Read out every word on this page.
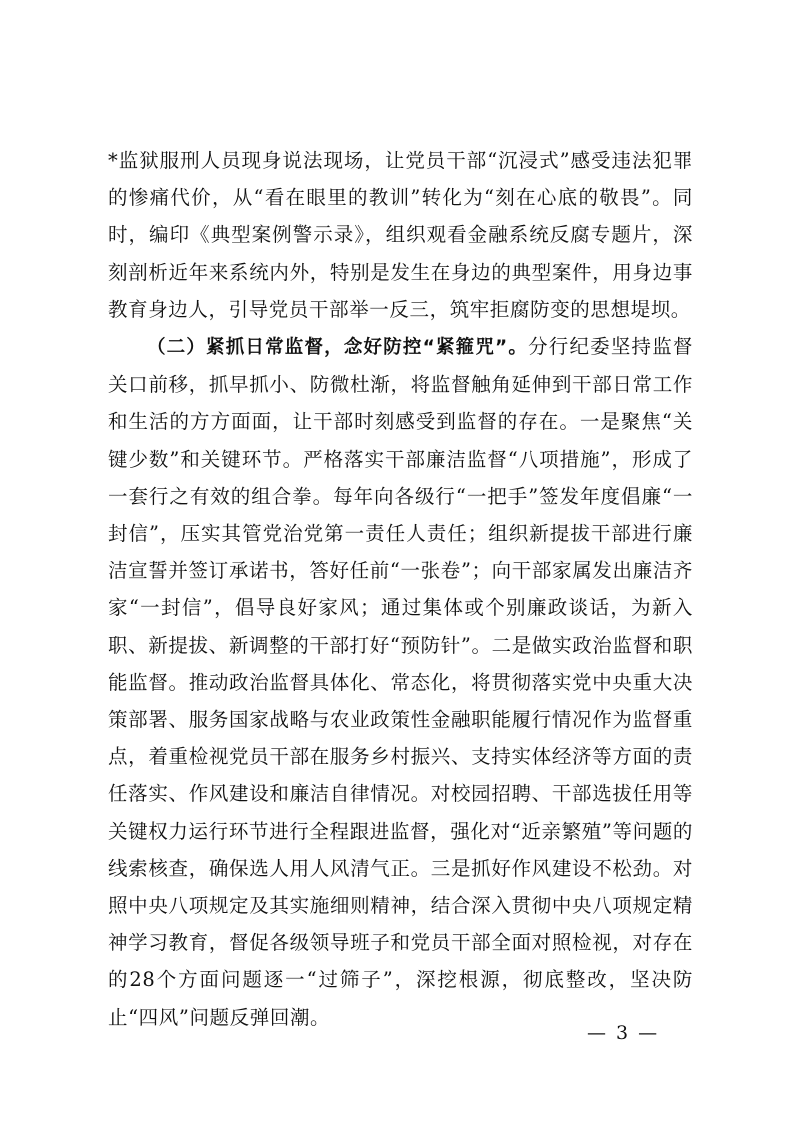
*监狱服刑人员现身说法现场，让党员干部“沉浸式”感受违法犯罪的惨痛代价，从“看在眼里的教训”转化为“刻在心底的敬畏”。同时，编印《典型案例警示录》，组织观看金融系统反腐专题片，深刻剖析近年来系统内外，特别是发生在身边的典型案件，用身边事教育身边人，引导党员干部举一反三，筑牢拒腐防变的思想堤坝。

（二）紧抓日常监督，念好防控“紧箍咒”。分行纪委坚持监督关口前移，抓早抓小、防微杜渐，将监督触角延伸到干部日常工作和生活的方方面面，让干部时刻感受到监督的存在。一是聚焦“关键少数”和关键环节。严格落实干部廉洁监督“八项措施”，形成了一套行之有效的组合拳。每年向各级行“一把手”签发年度倡廉“一封信”，压实其管党治党第一责任人责任；组织新提拔干部进行廉洁宣誓并签订承诺书，答好任前“一张卷”；向干部家属发出廉洁齐家“一封信”，倡导良好家风；通过集体或个别廉政谈话，为新入职、新提拔、新调整的干部打好“预防针”。二是做实政治监督和职能监督。推动政治监督具体化、常态化，将贯彻落实党中央重大决策部署、服务国家战略与农业政策性金融职能履行情况作为监督重点，着重检视党员干部在服务乡村振兴、支持实体经济等方面的责任落实、作风建设和廉洁自律情况。对校园招聘、干部选拔任用等关键权力运行环节进行全程跟进监督，强化对“近亲繁殖”等问题的线索核查，确保选人用人风清气正。三是抓好作风建设不松劲。对照中央八项规定及其实施细则精神，结合深入贯彻中央八项规定精神学习教育，督促各级领导班子和党员干部全面对照检视，对存在的28个方面问题逐一“过筛子”，深挖根源，彻底整改，坚决防止“四风”问题反弹回潮。

— 3 —
